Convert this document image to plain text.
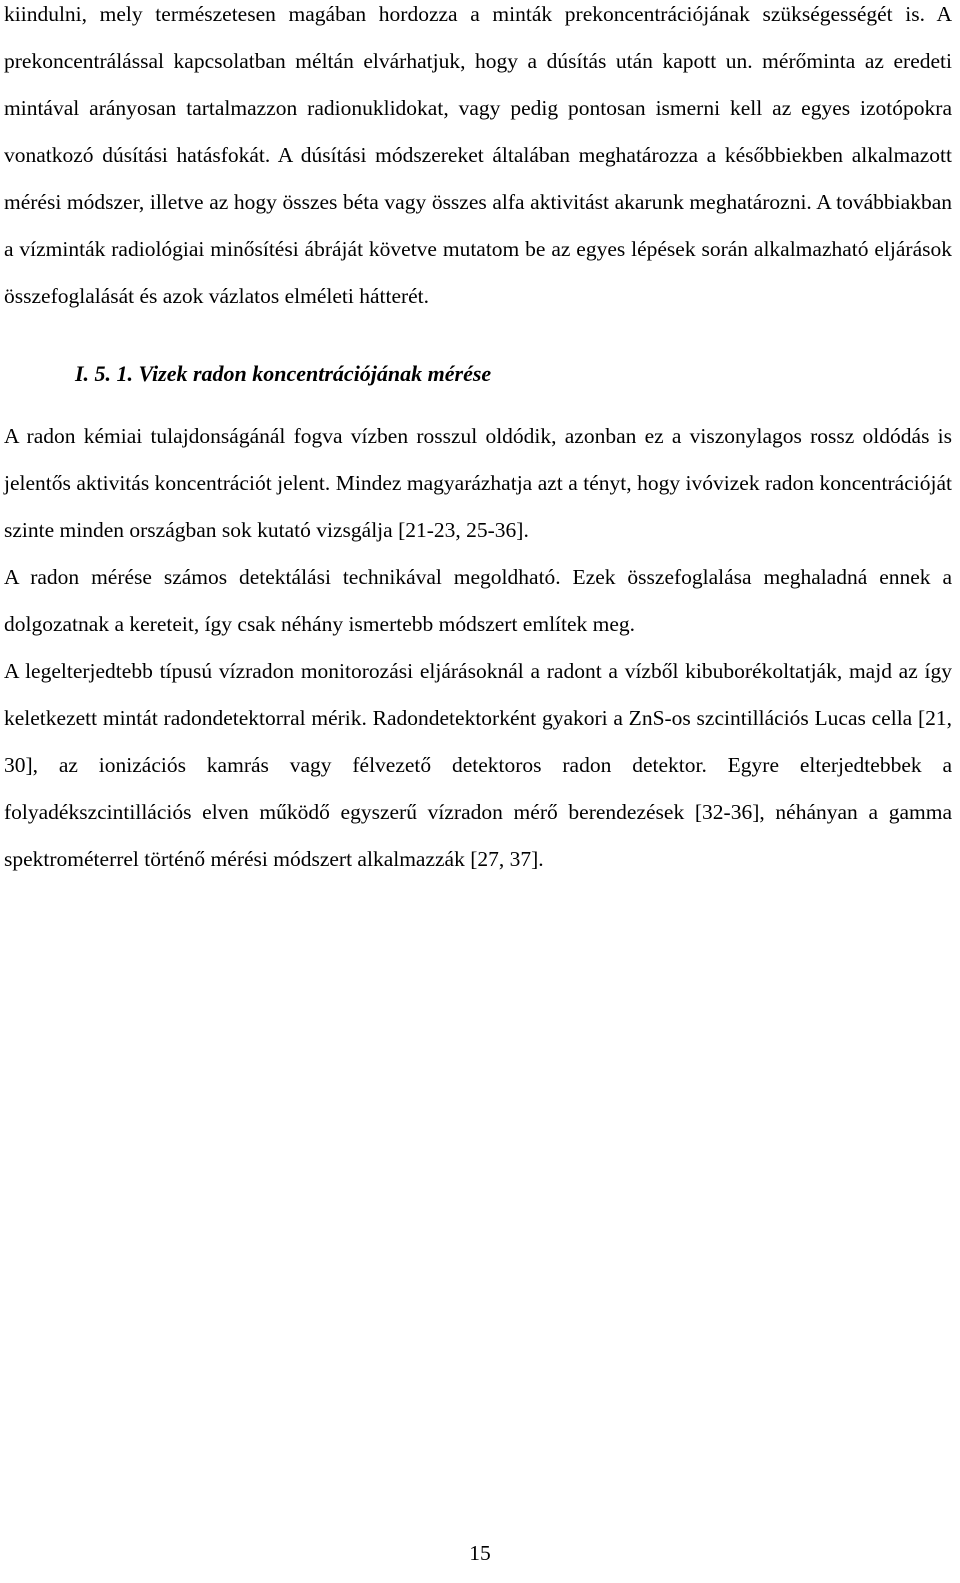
kiindulni, mely természetesen magában hordozza a minták prekoncentrációjának szükségességét is. A prekoncentrálással kapcsolatban méltán elvárhatjuk, hogy a dúsítás után kapott un. mérőminta az eredeti mintával arányosan tartalmazzon radionuklidokat, vagy pedig pontosan ismerni kell az egyes izotópokra vonatkozó dúsítási hatásfokát. A dúsítási módszereket általában meghatározza a későbbiekben alkalmazott mérési módszer, illetve az hogy összes béta vagy összes alfa aktivitást akarunk meghatározni. A továbbiakban a vízminták radiológiai minősítési ábráját követve mutatom be az egyes lépések során alkalmazható eljárások összefoglalását és azok vázlatos elméleti hátterét.

I. 5. 1. Vizek radon koncentrációjának mérése

A radon kémiai tulajdonságánál fogva vízben rosszul oldódik, azonban ez a viszonylagos rossz oldódás is jelentős aktivitás koncentrációt jelent. Mindez magyarázhatja azt a tényt, hogy ivóvizek radon koncentrációját szinte minden országban sok kutató vizsgálja [21-23, 25-36].

A radon mérése számos detektálási technikával megoldható. Ezek összefoglalása meghaladná ennek a dolgozatnak a kereteit, így csak néhány ismertebb módszert említek meg.

A legelterjedtebb típusú vízradon monitorozási eljárásoknál a radont a vízből kibuborékoltatják, majd az így keletkezett mintát radondetektorral mérik. Radondetektorként gyakori a ZnS-os szcintillációs Lucas cella [21, 30], az ionizációs kamrás vagy félvezető detektoros radon detektor. Egyre elterjedtebbek a folyadékszcintillációs elven működő egyszerű vízradon mérő berendezések [32-36], néhányan a gamma spektrométerrel történő mérési módszert alkalmazzák [27, 37].

15
